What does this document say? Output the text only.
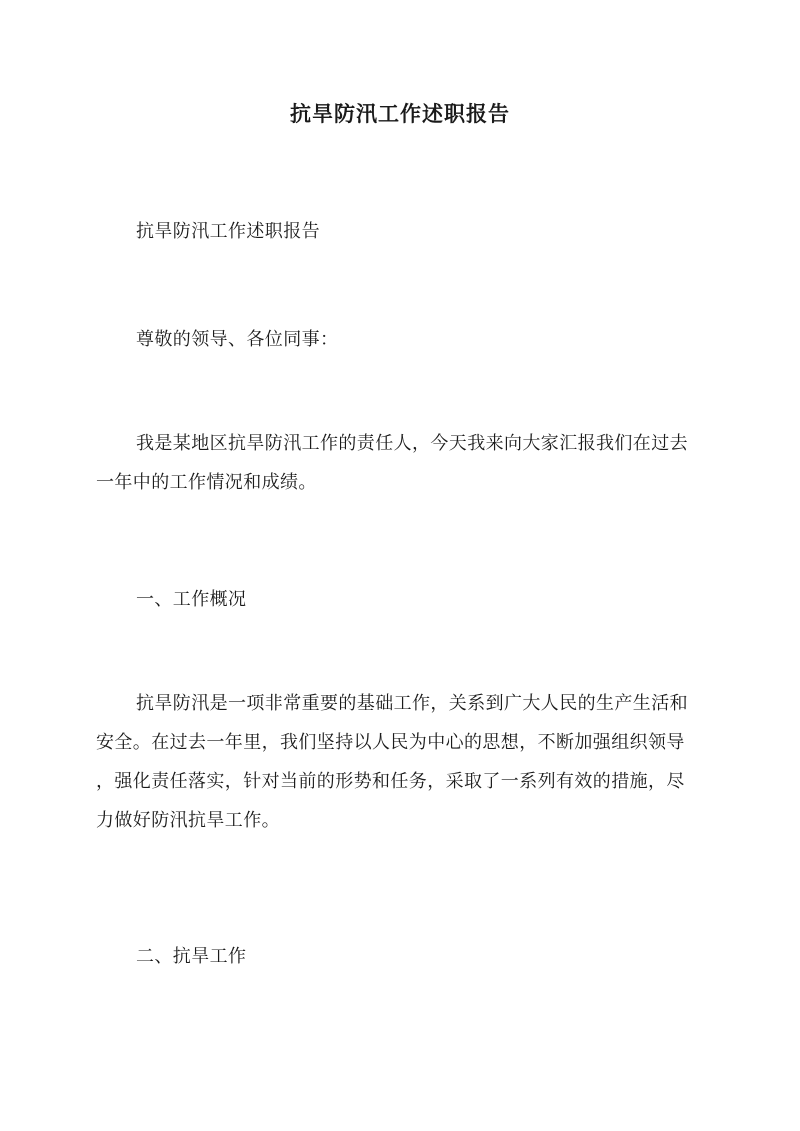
抗旱防汛工作述职报告

抗旱防汛工作述职报告

尊敬的领导、各位同事：

我是某地区抗旱防汛工作的责任人，今天我来向大家汇报我们在过去
一年中的工作情况和成绩。

一、工作概况

抗旱防汛是一项非常重要的基础工作，关系到广大人民的生产生活和
安全。在过去一年里，我们坚持以人民为中心的思想，不断加强组织领导
，强化责任落实，针对当前的形势和任务，采取了一系列有效的措施，尽
力做好防汛抗旱工作。

二、抗旱工作
